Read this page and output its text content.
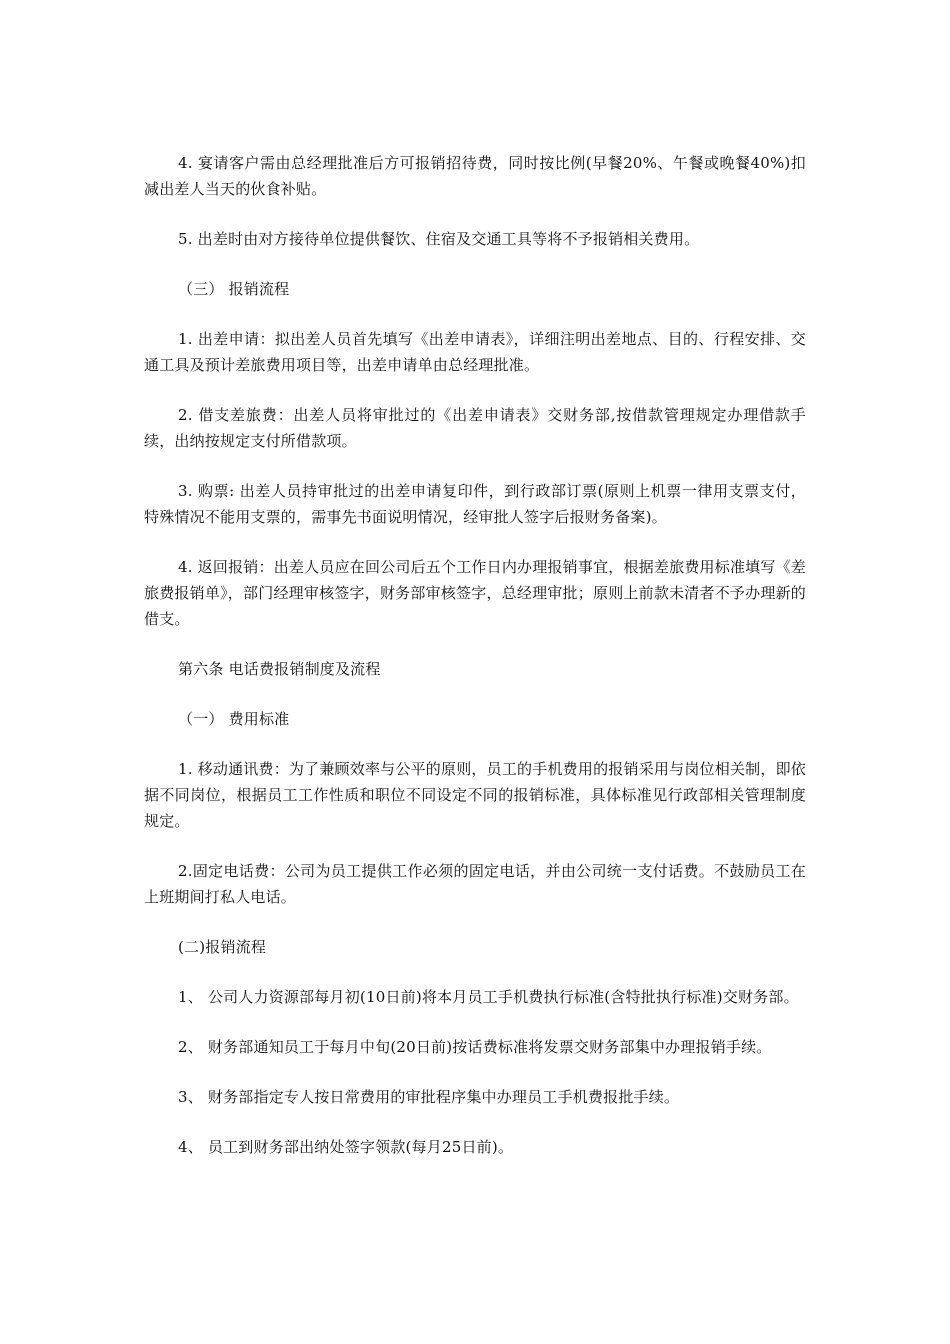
4. 宴请客户需由总经理批准后方可报销招待费，同时按比例(早餐20%、午餐或晚餐40%)扣减出差人当天的伙食补贴。

5. 出差时由对方接待单位提供餐饮、住宿及交通工具等将不予报销相关费用。

（三） 报销流程

1. 出差申请：拟出差人员首先填写《出差申请表》，详细注明出差地点、目的、行程安排、交通工具及预计差旅费用项目等，出差申请单由总经理批准。

2. 借支差旅费：出差人员将审批过的《出差申请表》交财务部,按借款管理规定办理借款手续，出纳按规定支付所借款项。

3. 购票: 出差人员持审批过的出差申请复印件，到行政部订票(原则上机票一律用支票支付，特殊情况不能用支票的，需事先书面说明情况，经审批人签字后报财务备案)。

4. 返回报销：出差人员应在回公司后五个工作日内办理报销事宜，根据差旅费用标准填写《差旅费报销单》，部门经理审核签字，财务部审核签字，总经理审批；原则上前款未清者不予办理新的借支。

第六条 电话费报销制度及流程

（一） 费用标准

1. 移动通讯费：为了兼顾效率与公平的原则，员工的手机费用的报销采用与岗位相关制，即依据不同岗位，根据员工工作性质和职位不同设定不同的报销标准，具体标准见行政部相关管理制度规定。

2.固定电话费：公司为员工提供工作必须的固定电话，并由公司统一支付话费。不鼓励员工在上班期间打私人电话。

(二)报销流程

1、 公司人力资源部每月初(10日前)将本月员工手机费执行标准(含特批执行标准)交财务部。

2、 财务部通知员工于每月中旬(20日前)按话费标准将发票交财务部集中办理报销手续。

3、 财务部指定专人按日常费用的审批程序集中办理员工手机费报批手续。

4、 员工到财务部出纳处签字领款(每月25日前)。
